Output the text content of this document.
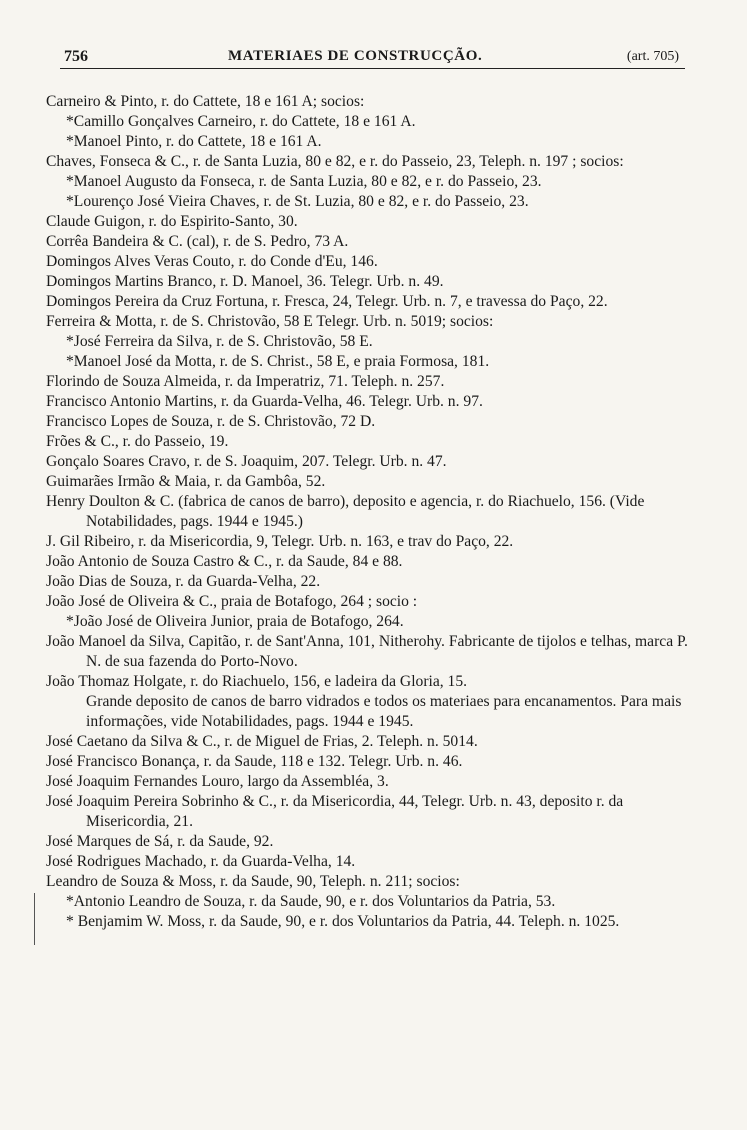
756	MATERIAES DE CONSTRUCÇÃO.	(art. 705)
Carneiro & Pinto, r. do Cattete, 18 e 161 A; socios:
*Camillo Gonçalves Carneiro, r. do Cattete, 18 e 161 A.
*Manoel Pinto, r. do Cattete, 18 e 161 A.
Chaves, Fonseca & C., r. de Santa Luzia, 80 e 82, e r. do Passeio, 23, Teleph. n. 197 ; socios:
*Manoel Augusto da Fonseca, r. de Santa Luzia, 80 e 82, e r. do Passeio, 23.
*Lourenço José Vieira Chaves, r. de St. Luzia, 80 e 82, e r. do Passeio, 23.
Claude Guigon, r. do Espirito-Santo, 30.
Corrêa Bandeira & C. (cal), r. de S. Pedro, 73 A.
Domingos Alves Veras Couto, r. do Conde d'Eu, 146.
Domingos Martins Branco, r. D. Manoel, 36. Telegr. Urb. n. 49.
Domingos Pereira da Cruz Fortuna, r. Fresca, 24, Telegr. Urb. n. 7, e travessa do Paço, 22.
Ferreira & Motta, r. de S. Christovão, 58 E Telegr. Urb. n. 5019; socios:
*José Ferreira da Silva, r. de S. Christovão, 58 E.
*Manoel José da Motta, r. de S. Christ., 58 E, e praia Formosa, 181.
Florindo de Souza Almeida, r. da Imperatriz, 71. Teleph. n. 257.
Francisco Antonio Martins, r. da Guarda-Velha, 46. Telegr. Urb. n. 97.
Francisco Lopes de Souza, r. de S. Christovão, 72 D.
Frões & C., r. do Passeio, 19.
Gonçalo Soares Cravo, r. de S. Joaquim, 207. Telegr. Urb. n. 47.
Guimarães Irmão & Maia, r. da Gambôa, 52.
Henry Doulton & C. (fabrica de canos de barro), deposito e agencia, r. do Riachuelo, 156. (Vide Notabilidades, pags. 1944 e 1945.)
J. Gil Ribeiro, r. da Misericordia, 9, Telegr. Urb. n. 163, e trav do Paço, 22.
João Antonio de Souza Castro & C., r. da Saude, 84 e 88.
João Dias de Souza, r. da Guarda-Velha, 22.
João José de Oliveira & C., praia de Botafogo, 264 ; socio :
*João José de Oliveira Junior, praia de Botafogo, 264.
João Manoel da Silva, Capitão, r. de Sant'Anna, 101, Nitherohy. Fabricante de tijolos e telhas, marca P. N. de sua fazenda do Porto-Novo.
João Thomaz Holgate, r. do Riachuelo, 156, e ladeira da Gloria, 15.
Grande deposito de canos de barro vidrados e todos os materiaes para encanamentos. Para mais informações, vide Notabilidades, pags. 1944 e 1945.
José Caetano da Silva & C., r. de Miguel de Frias, 2. Teleph. n. 5014.
José Francisco Bonança, r. da Saude, 118 e 132. Telegr. Urb. n. 46.
José Joaquim Fernandes Louro, largo da Assembléa, 3.
José Joaquim Pereira Sobrinho & C., r. da Misericordia, 44, Telegr. Urb. n. 43, deposito r. da Misericordia, 21.
José Marques de Sá, r. da Saude, 92.
José Rodrigues Machado, r. da Guarda-Velha, 14.
Leandro de Souza & Moss, r. da Saude, 90, Teleph. n. 211; socios:
*Antonio Leandro de Souza, r. da Saude, 90, e r. dos Voluntarios da Patria, 53.
* Benjamim W. Moss, r. da Saude, 90, e r. dos Voluntarios da Patria, 44. Teleph. n. 1025.
